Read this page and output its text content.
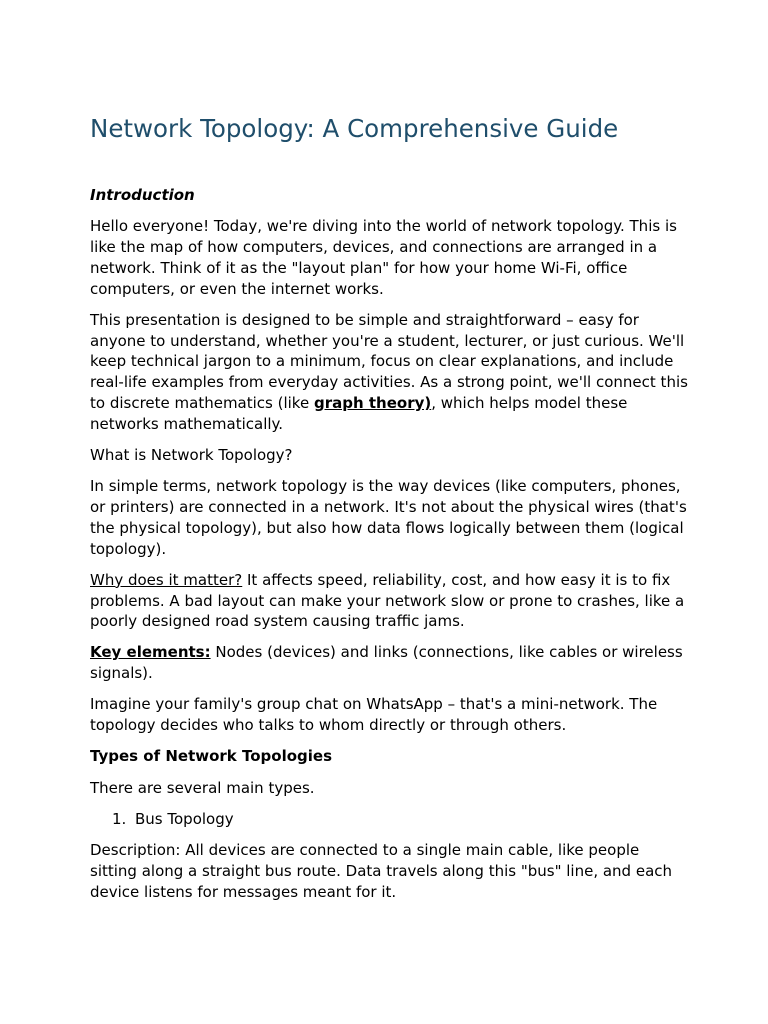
Network Topology: A Comprehensive Guide

Introduction

Hello everyone! Today, we're diving into the world of network topology. This is like the map of how computers, devices, and connections are arranged in a network. Think of it as the "layout plan" for how your home Wi-Fi, office computers, or even the internet works.

This presentation is designed to be simple and straightforward – easy for anyone to understand, whether you're a student, lecturer, or just curious. We'll keep technical jargon to a minimum, focus on clear explanations, and include real-life examples from everyday activities. As a strong point, we'll connect this to discrete mathematics (like graph theory), which helps model these networks mathematically.

What is Network Topology?

In simple terms, network topology is the way devices (like computers, phones, or printers) are connected in a network. It's not about the physical wires (that's the physical topology), but also how data flows logically between them (logical topology).

Why does it matter? It affects speed, reliability, cost, and how easy it is to fix problems. A bad layout can make your network slow or prone to crashes, like a poorly designed road system causing traffic jams.

Key elements: Nodes (devices) and links (connections, like cables or wireless signals).

Imagine your family's group chat on WhatsApp – that's a mini-network. The topology decides who talks to whom directly or through others.

Types of Network Topologies

There are several main types.

1. Bus Topology

Description: All devices are connected to a single main cable, like people sitting along a straight bus route. Data travels along this "bus" line, and each device listens for messages meant for it.
